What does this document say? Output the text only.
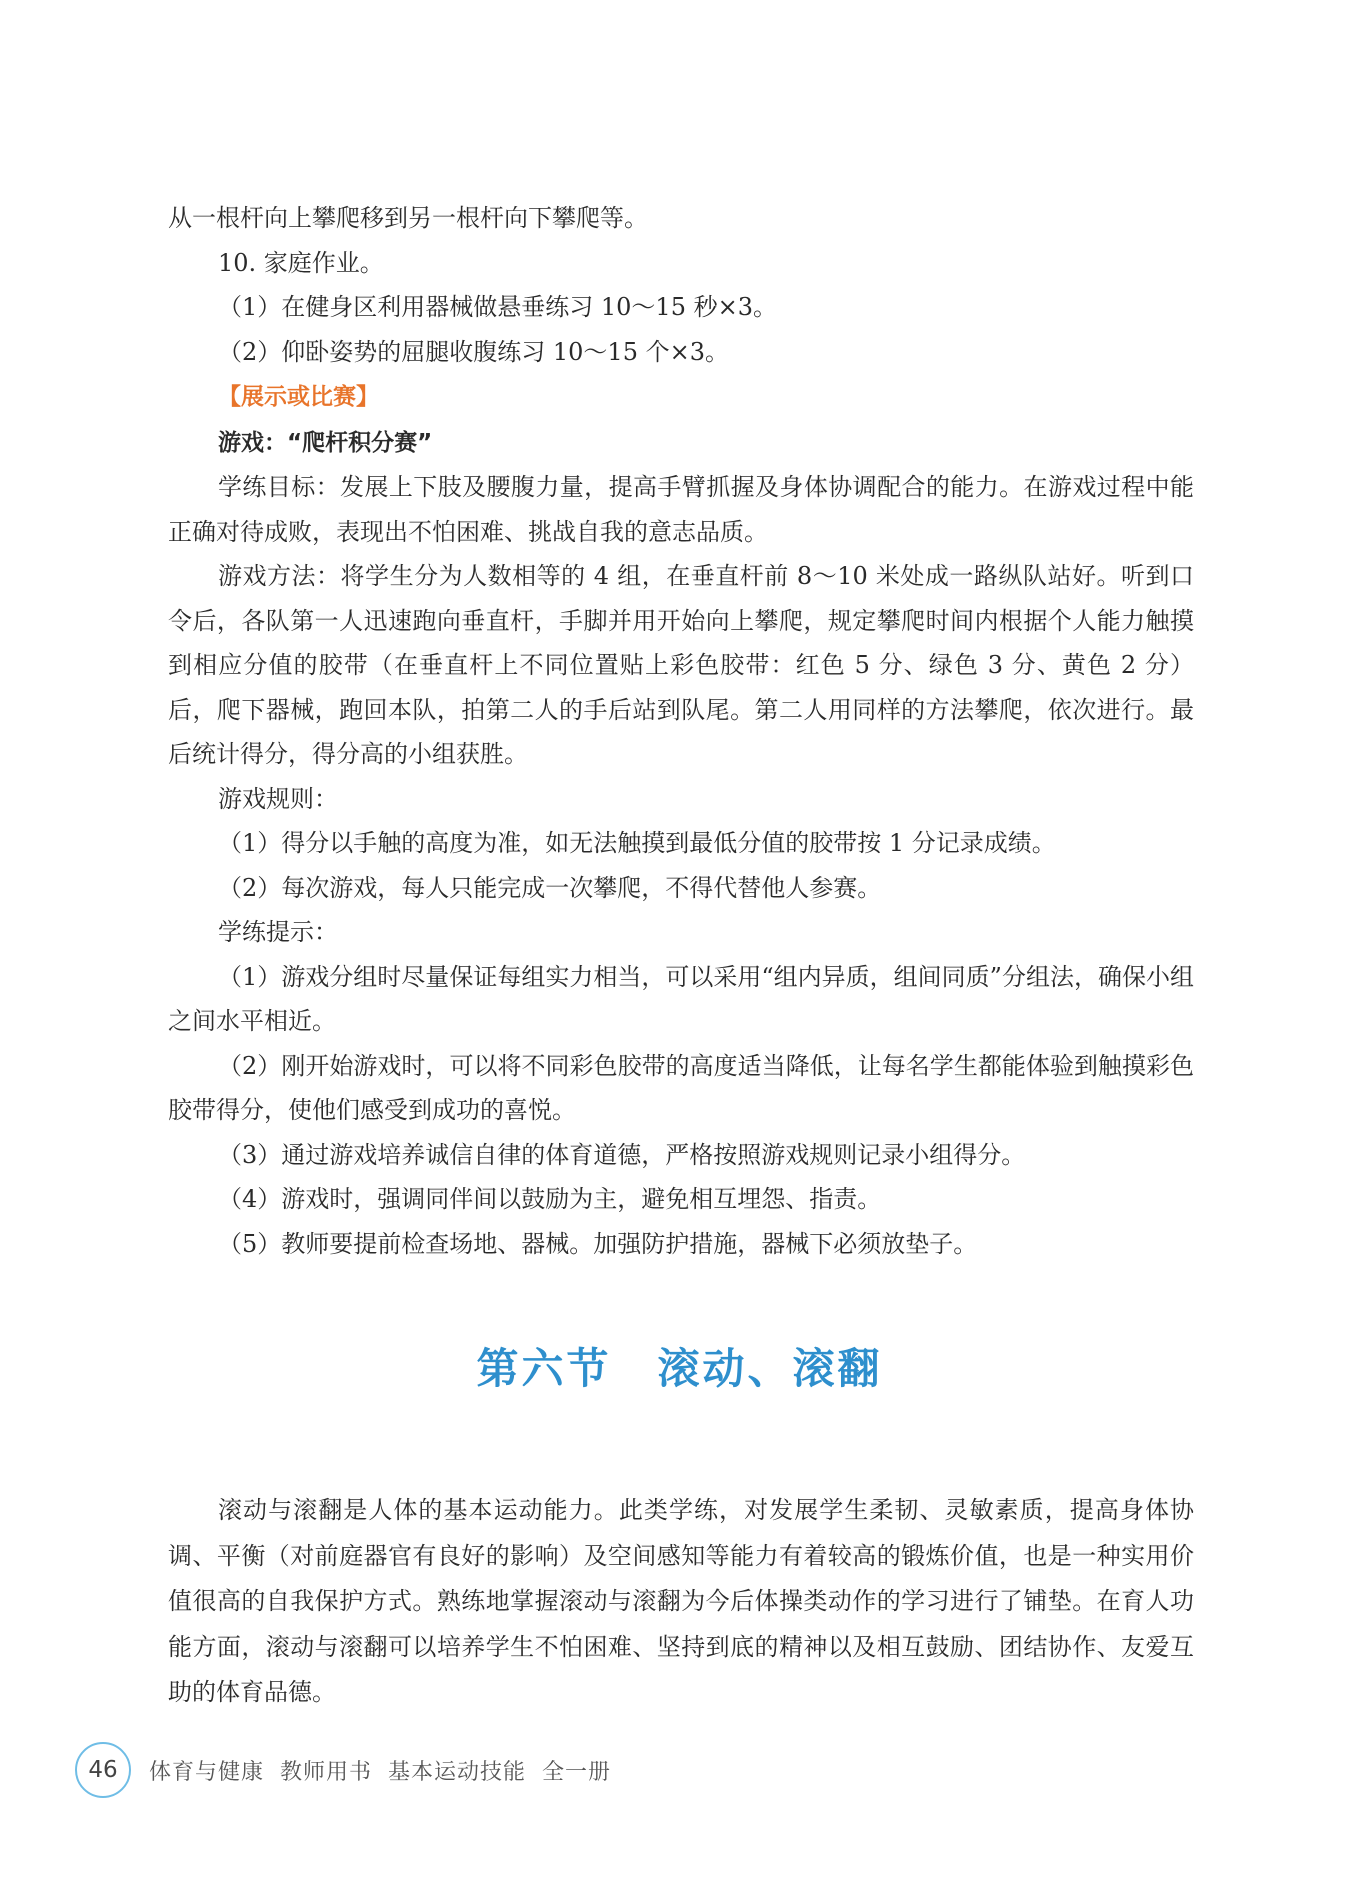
从一根杆向上攀爬移到另一根杆向下攀爬等。

10. 家庭作业。

（1）在健身区利用器械做悬垂练习 10～15 秒×3。

（2）仰卧姿势的屈腿收腹练习 10～15 个×3。

【展示或比赛】

游戏：“爬杆积分赛”

学练目标：发展上下肢及腰腹力量，提高手臂抓握及身体协调配合的能力。在游戏过程中能正确对待成败，表现出不怕困难、挑战自我的意志品质。

游戏方法：将学生分为人数相等的 4 组，在垂直杆前 8～10 米处成一路纵队站好。听到口令后，各队第一人迅速跑向垂直杆，手脚并用开始向上攀爬，规定攀爬时间内根据个人能力触摸到相应分值的胶带（在垂直杆上不同位置贴上彩色胶带：红色 5 分、绿色 3 分、黄色 2 分）后，爬下器械，跑回本队，拍第二人的手后站到队尾。第二人用同样的方法攀爬，依次进行。最后统计得分，得分高的小组获胜。

游戏规则：

（1）得分以手触的高度为准，如无法触摸到最低分值的胶带按 1 分记录成绩。

（2）每次游戏，每人只能完成一次攀爬，不得代替他人参赛。

学练提示：

（1）游戏分组时尽量保证每组实力相当，可以采用“组内异质，组间同质”分组法，确保小组之间水平相近。

（2）刚开始游戏时，可以将不同彩色胶带的高度适当降低，让每名学生都能体验到触摸彩色胶带得分，使他们感受到成功的喜悦。

（3）通过游戏培养诚信自律的体育道德，严格按照游戏规则记录小组得分。

（4）游戏时，强调同伴间以鼓励为主，避免相互埋怨、指责。

（5）教师要提前检查场地、器械。加强防护措施，器械下必须放垫子。

第六节 滚动、滚翻

滚动与滚翻是人体的基本运动能力。此类学练，对发展学生柔韧、灵敏素质，提高身体协调、平衡（对前庭器官有良好的影响）及空间感知等能力有着较高的锻炼价值，也是一种实用价值很高的自我保护方式。熟练地掌握滚动与滚翻为今后体操类动作的学习进行了铺垫。在育人功能方面，滚动与滚翻可以培养学生不怕困难、坚持到底的精神以及相互鼓励、团结协作、友爱互助的体育品德。

46	体育与健康  教师用书  基本运动技能  全一册
